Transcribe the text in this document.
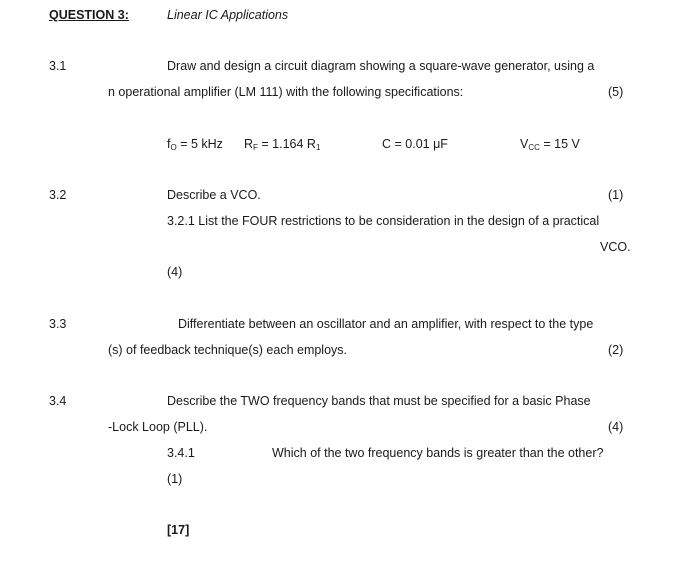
QUESTION 3:	Linear IC Applications
3.1	Draw and design a circuit diagram showing a square-wave generator, using a
n operational amplifier (LM 111) with the following specifications:	(5)
$f_O = 5$ kHz $R_F = 1.164$ $R_1$	C = 0.01 μF	$V_{CC} = 15$ V
3.2	Describe a VCO.	(1)
3.2.1 List the FOUR restrictions to be consideration in the design of a practical
VCO.
(4)
3.3	Differentiate between an oscillator and an amplifier, with respect to the type
(s) of feedback technique(s) each employs.	(2)
3.4	Describe the TWO frequency bands that must be specified for a basic Phase
-Lock Loop (PLL).	(4)
3.4.1	Which of the two frequency bands is greater than the other?
(1)
[17]
